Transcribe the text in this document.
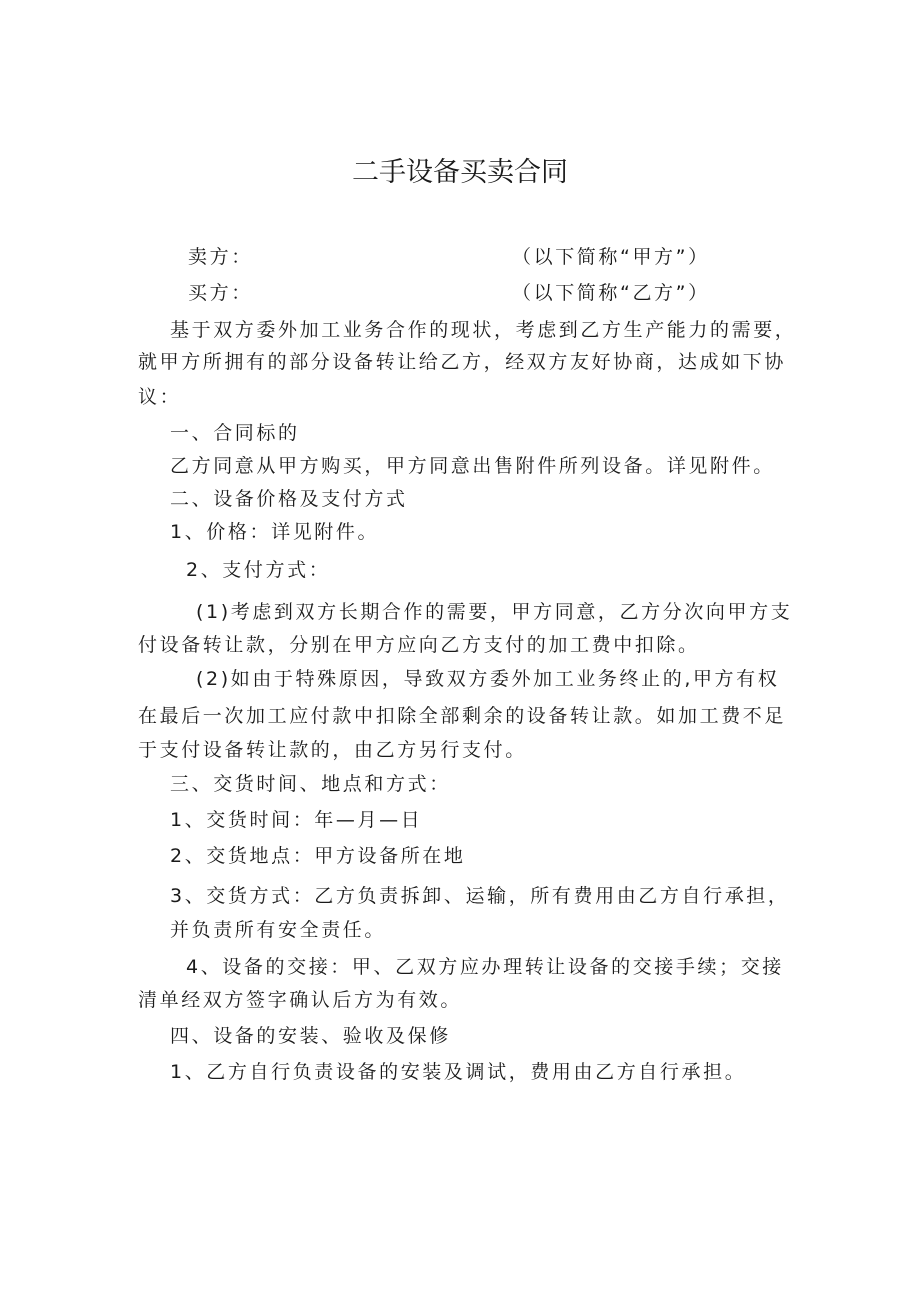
二手设备买卖合同
卖方：	（以下简称“甲方”）
买方：	（以下简称“乙方”）
基于双方委外加工业务合作的现状，考虑到乙方生产能力的需要，
就甲方所拥有的部分设备转让给乙方，经双方友好协商，达成如下协
议：
一、合同标的
乙方同意从甲方购买，甲方同意出售附件所列设备。详见附件。
二、设备价格及支付方式
1、价格：详见附件。
2、支付方式：
(1)考虑到双方长期合作的需要，甲方同意，乙方分次向甲方支
付设备转让款，分别在甲方应向乙方支付的加工费中扣除。
(2)如由于特殊原因，导致双方委外加工业务终止的,甲方有权
在最后一次加工应付款中扣除全部剩余的设备转让款。如加工费不足
于支付设备转让款的，由乙方另行支付。
三、交货时间、地点和方式：
1、交货时间：年—月—日
2、交货地点：甲方设备所在地
3、交货方式：乙方负责拆卸、运输，所有费用由乙方自行承担，
并负责所有安全责任。
4、设备的交接：甲、乙双方应办理转让设备的交接手续；交接
清单经双方签字确认后方为有效。
四、设备的安装、验收及保修
1、乙方自行负责设备的安装及调试，费用由乙方自行承担。
